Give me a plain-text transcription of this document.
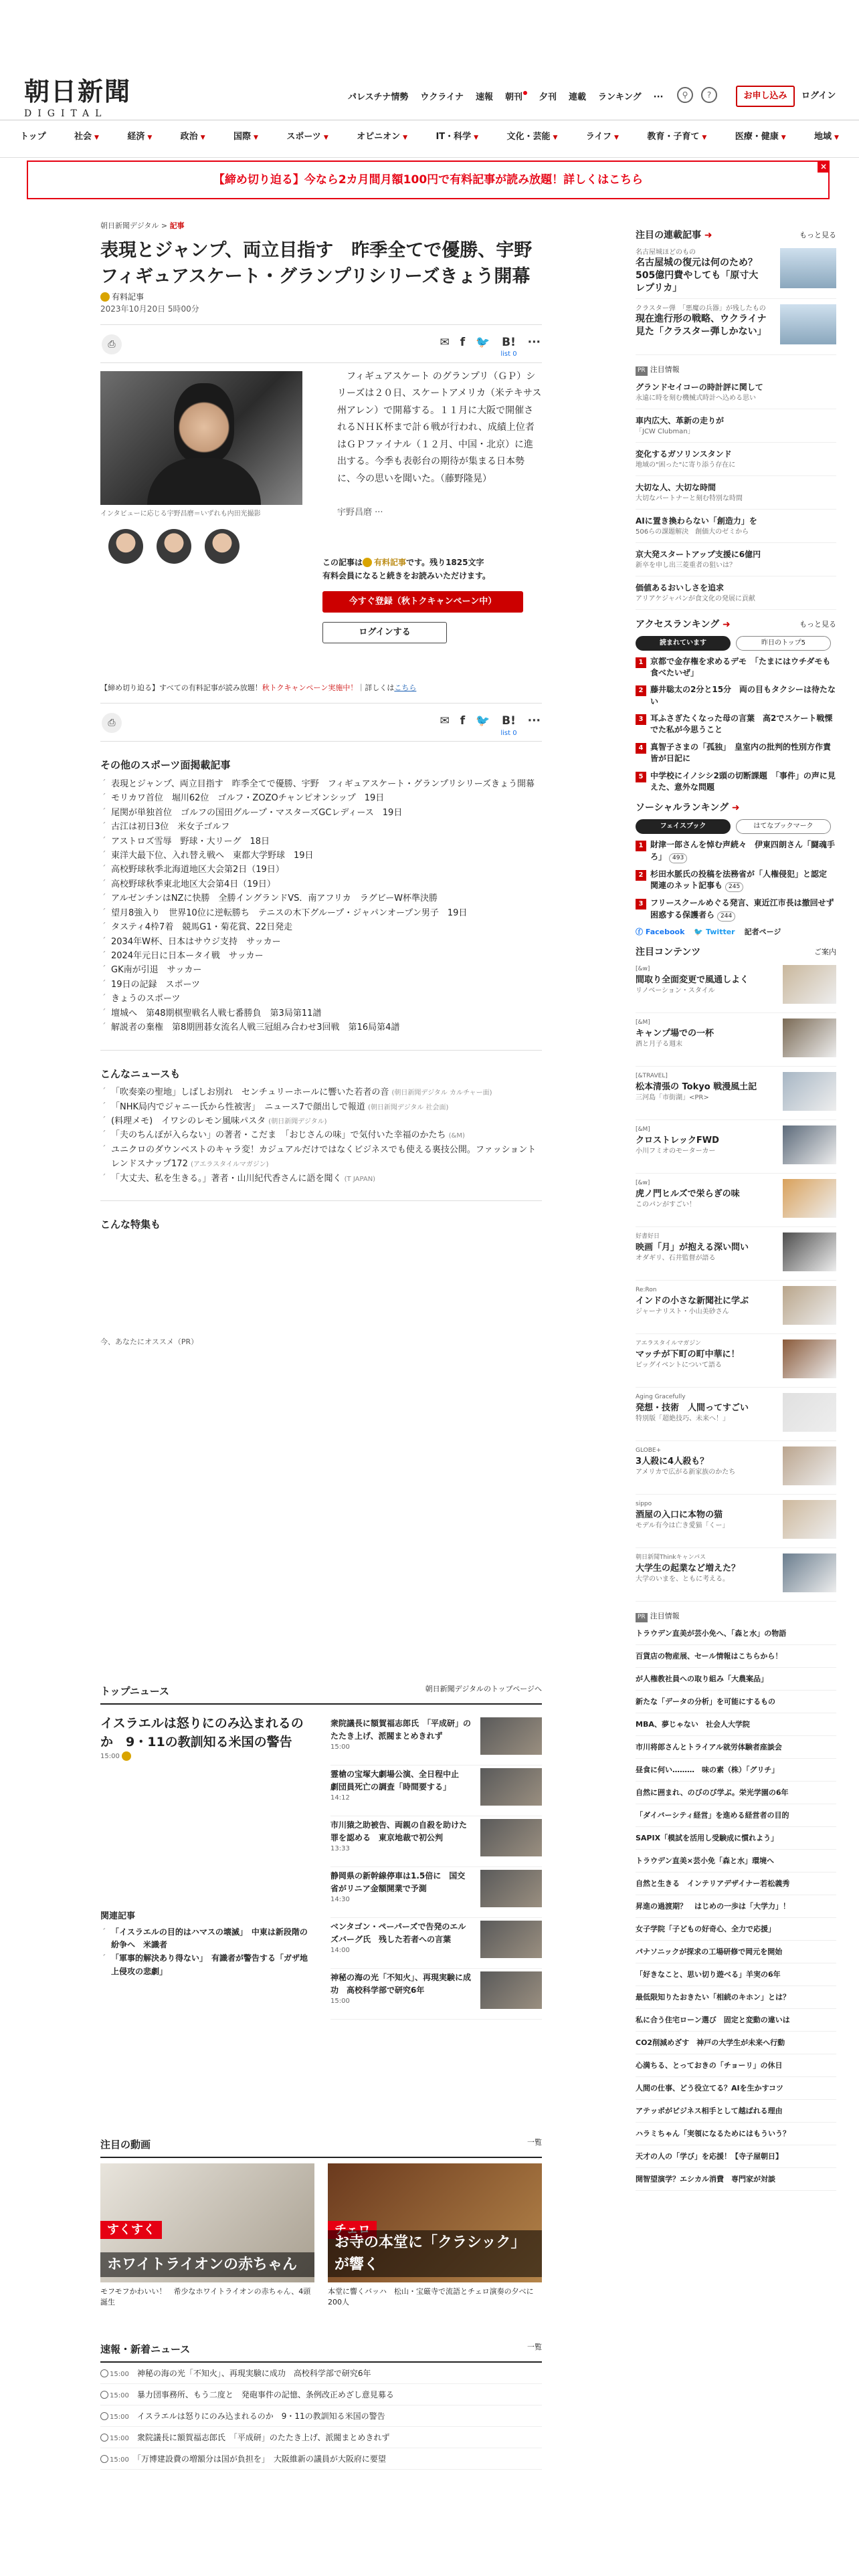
朝日新聞
DIGITAL
パレスチナ情勢 ウクライナ 速報 朝刊	夕刊 連載 ランキング ···	⚲	?	お申し込み	ログイン
トップ	社会 ▼	経済 ▼	政治 ▼	国際 ▼	スポーツ ▼	オピニオン ▼	IT・科学 ▼	文化・芸能 ▼	ライフ ▼	教育・子育て ▼	医療・健康 ▼	地域 ▼
【締め切り迫る】今なら2カ月間月額100円で有料記事が読み放題！詳しくはこちら
×
朝日新聞デジタル > 記事
表現とジャンプ、両立目指す　昨季全てで優勝、宇野　フィギュアスケート・グランプリシリーズきょう開幕
有料記事
2023年10月20日 5時00分
⎙	✉ f 🐦 B!
list 0
···
インタビューに応じる宇野昌磨＝いずれも内田光撮影

フィギュアスケート のグランプリ（ＧＰ）シリーズは２０日、スケートアメリカ（米テキサス州アレン）で開幕する。１１月に大阪で開催されるＮＨＫ杯まで計６戦が行われ、成績上位者はＧＰファイナル（１２月、中国・北京）に進出する。今季も表彰台の期待が集まる日本勢に、今の思いを聞いた。（藤野隆晃）

宇野昌磨 ···
この記事は 有料記事です。残り1825文字
有料会員になると続きをお読みいただけます。
今すぐ登録（秋トクキャンペーン中）
ログインする
【締め切り迫る】すべての有料記事が読み放題！秋トクキャンペーン実施中！｜詳しくはこちら
⎙	✉ f 🐦 B!
list 0
···
その他のスポーツ面掲載記事
´ 表現とジャンプ、両立目指す　昨季全てで優勝、宇野　フィギュアスケート・グランプリシリーズきょう開幕
´ モリカワ首位　堀川62位　ゴルフ・ZOZOチャンピオンシップ　19日
´ 尾関が単独首位　ゴルフの国田グループ・マスターズGCレディース　19日
´ 古江は初日3位　米女子ゴルフ
´ アストロズ雪辱　野球・大リーグ　18日
´ 東洋大最下位、入れ替え戦へ　東都大学野球　19日
´ 高校野球秋季北海道地区大会第2日（19日）
´ 高校野球秋季東北地区大会第4日（19日）
´ アルゼンチンはNZに快勝　全勝イングランドVS．南アフリカ　ラグビーW杯準決勝
´ 望月8強入り　世界10位に逆転勝ち　テニスの木下グループ・ジャパンオープン男子　19日
´ タスティ4枠7着　競馬G1・菊花賞、22日発走
´ 2034年W杯、日本はサウジ支持　サッカー
´ 2024年元日に日本ータイ戦　サッカー
´ GK南が引退　サッカー
´ 19日の記録　スポーツ
´ きょうのスポーツ
´ 壇城へ　第48期棋聖戦名人戦七番勝負　第3局第11譜
´ 解説者の棄権　第8期囲碁女流名人戦三冠組み合わせ3回戦　第16局第4譜
こんなニュースも
´ 「吹奏楽の聖地」しばしお別れ　センチュリーホールに響いた若者の音 (朝日新聞デジタル カルチャー面)
´ 「NHK局内でジャニー氏から性被害」　ニュース7で顔出しで報道 (朝日新聞デジタル 社会面)
´ (料理メモ)　イワシのレモン風味パスタ (朝日新聞デジタル)
´ 「夫のちんぽが入らない」の著者・こだま　「おじさんの味」で気付いた幸福のかたち (&M)
´ ユニクロのダウンベストのキャラ変！カジュアルだけではなくビジネスでも使える裏技公開。ファッショントレンドスナップ172 (アエラスタイルマガジン)
´ 「大丈夫、私を生きる。」著者・山川紀代香さんに語を聞く (T JAPAN)
こんな特集も
今、あなたにオススメ（PR）
トップニュース	朝日新聞デジタルのトップページへ
イスラエルは怒りにのみ込まれるのか　9・11の教訓知る米国の警告
15:00
衆院議長に額賀福志郎氏　「平成研」のたたき上げ、派閥まとめきれず
15:00
霊槍の宝塚大劇場公演、全日程中止　劇団員死亡の調査「時間要する」
14:12
市川猿之助被告、両親の自殺を助けた罪を認める　東京地裁で初公判
13:33
静岡県の新幹線停車は1.5倍に　国交省がリニア金額開業で予測
14:30
ベンタゴン・ペーパーズで告発のエルズバーグ氏　残した若者への言葉
14:00
神秘の海の光「不知火」、再現実験に成功　高校科学部で研究6年
15:00
関連記事
´ 「イスラエルの目的はハマスの壊滅」　中東は新段階の紛争へ　米識者
´ 「軍事的解決あり得ない」　有識者が警告する「ガザ地上侵攻の悲劇」
注目の動画	一覧
すくすく
ホワイトライオンの赤ちゃん
モフモフかわいい！　希少なホワイトライオンの赤ちゃん、4頭誕生
お寺の本堂に「クラシック」が響く
本堂に響くバッハ　松山・宝厳寺で流語とチェロ演奏の夕べに200人
速報・新着ニュース	一覧
15:00　 神秘の海の光「不知火」、再現実験に成功　高校科学部で研究6年
15:00　 暴力団事務所、もう二度と　発砲事件の記憶、条例改正めざし意見募る
15:00　 イスラエルは怒りにのみ込まれるのか　9・11の教訓知る米国の警告
15:00　 衆院議長に額賀福志郎氏　「平成研」のたたき上げ、派閥まとめきれず
15:00　 「万博建設費の増額分は国が負担を」　大阪維新の議員が大阪府に要望
注目の連載記事 ➜	もっと見る
名古屋城ほどのもの
名古屋城の復元は何のため？　505億円費やしても「原寸大レプリカ」
クラスター弾　「悪魔の兵器」が残したもの
現在進行形の戦略、ウクライナ見た「クラスター弾しかない」
PR 注目情報
グランドセイコーの時計評に関して
永遠に時を刻む機械式時計へ込める思い
車内広大、革新の走りが
「JCW Clubman」
変化するガソリンスタンド
地域の"困った"に寄り添う存在に
大切な人、大切な時間
大切なパートナーと刻む特別な時間
AIに置き換わらない「創造力」を
506らの課題解決　創価大のゼミから
京大発スタートアップ支援に6億円
新卒を申し出三菱重者の狙いは？
価値あるおいしさを追求
アリアケジャパンが食文化の発展に貢献
アクセスランキング ➜	もっと見る
読まれています	昨日のトップ5
1 京都で金存権を求めるデモ　「たまにはウチダモも食べたいぜ」
2 藤井聡太の2分と15分　両の目もタクシーは待たない
3 耳ふさぎたくなった母の言葉　高2でスケート戦慄でた私が今思うこと
4 真智子さまの「孤独」　皇室内の批判的性別方作責皆が日記に
5 中学校にイノシシ2頭の切断課題　「事件」の声に見えた、意外な問題
ソーシャルランキング ➜
フェイスブック	はてなブックマーク
1 財津一郎さんを悼む声続々　伊東四朗さん「闘魂手ろ」 493
2 杉田水脈氏の投稿を法務省が「人権侵犯」と認定　関連のネット記事も 245
3 フリースクールめぐる発言、東近江市長は撤回せず　困惑する保護者ら 244
ⓕ Facebook 🐦 Twitter 記者ページ
注目コンテンツ	ご案内
[&w]
間取り全面変更で風通しよく
リノベーション・スタイル
[&M]
キャンプ場での一杯
酒と月子る週末
[&TRAVEL]
松本清張の Tokyo 戦漫風土記
三河島「市街湖」<PR>
[&M]
クロストレックFWD
小川フミオのモーターカー
[&w]
虎ノ門ヒルズで栄らぎの味
このパンがすごい！
好書好日
映画「月」が抱える深い問い
オダギリ、石井監督が語る
Re:Ron
インドの小さな新聞社に学ぶ
ジャーナリスト・小山美砂さん
アエラスタイルマガジン
マッチが下町の町中華に！
ビッグイベントについて語る
Aging Gracefully
発想・技術　人間ってすごい
特別版「超絶技巧、未来へ！」
GLOBE+
3人殺に4人殺も？
アメリカで広がる新家族のかたち
sippo
酒屋の入口に本物の猫
モデル有今は亡き愛猫「くー」
朝日新聞Thinkキャンパス
大学生の起業など増えた？
大学のいまを、ともに考える。
PR 注目情報
トラウデン直美が芸小免へ、「森と水」の物語
百貨店の物産展、セール情報はこちらから！
が人権教社員への取り組み「大農案品」
新たな「データの分析」を可能にするもの
MBA、夢じゃない　社会人大学院
市川将郎さんとトライアル就労体験者座談会
昼食に何い………　味の素（株）「グリチ」
自然に囲まれ、のびのび学ぶ。栄光学園の6年
「ダイバーシティ経営」を進める経営者の目的
SAPIX「模試を活用し受験成に慣れよう」
トラウデン直美×芸小免「森と水」環境へ
自然と生きる　インテリアデザイナー若松義秀
昇進の過渡期？　はじめの一歩は「大学力」！
女子学院「子どもの好奇心、全力で応援」
パナソニックが探求の工場研修で岡元を開始
「好きなこと、思い切り遊べる」羊実の6年
最低限知りたおきたい「相続のキホン」とは？
私に合う住宅ローン選び　固定と変動の違いは
CO2削減めざす　神戸の大学生が未来へ行動
心満ちる、とっておきの「チョーリ」の休日
人間の仕事、どう役立てる？AIを生かすコツ
アテッポがビジネス相手として越ばれる理由
ハラミちゃん「実領になるためにはもういう？
天才の人の「学び」を応援！【寺子屋朝日】
開智望演学？エシカル消費　専門家が対談
